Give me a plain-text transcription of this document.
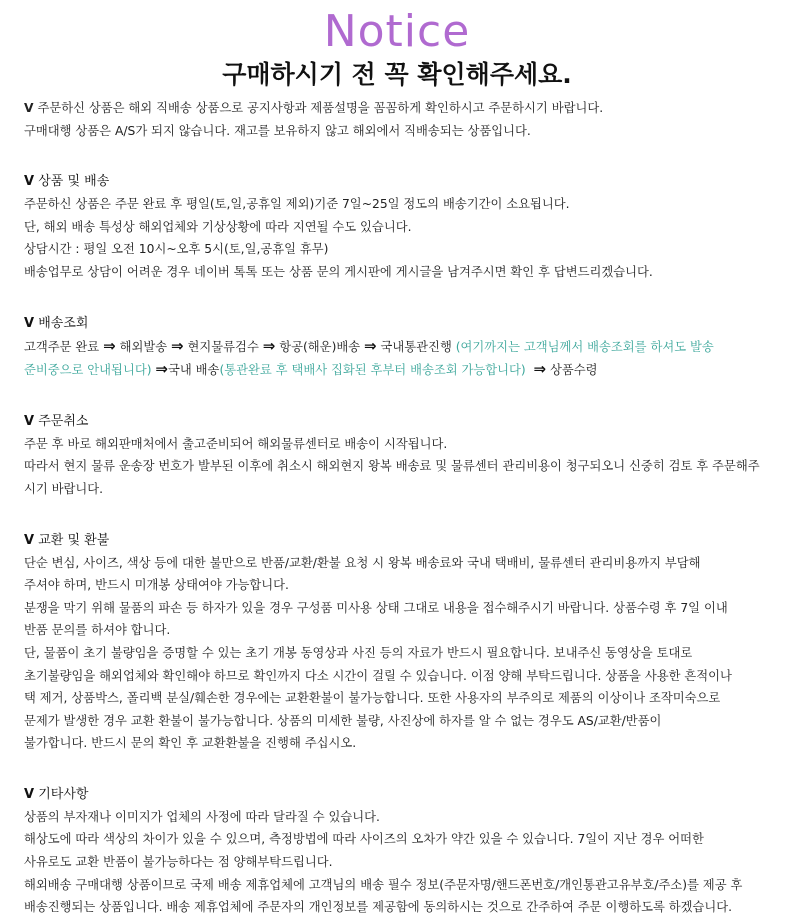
Notice
구매하시기 전 꼭 확인해주세요.
V 주문하신 상품은 해외 직배송 상품으로 공지사항과 제품설명을 꼼꼼하게 확인하시고 주문하시기 바랍니다.
구매대행 상품은 A/S가 되지 않습니다. 재고를 보유하지 않고 해외에서 직배송되는 상품입니다.
V 상품 및 배송
주문하신 상품은 주문 완료 후 평일(토,일,공휴일 제외)기준 7일~25일 정도의 배송기간이 소요됩니다.
단, 해외 배송 특성상 해외업체와 기상상황에 따라 지연될 수도 있습니다.
상담시간 : 평일 오전 10시~오후 5시(토,일,공휴일 휴무)
배송업무로 상담이 어려운 경우 네이버 톡톡 또는 상품 문의 게시판에 게시글을 남겨주시면 확인 후 답변드리겠습니다.
V 배송조회
고객주문 완료 ⇒ 해외발송 ⇒ 현지물류검수 ⇒ 항공(해운)배송 ⇒ 국내통관진행 (여기까지는 고객님께서 배송조회를 하셔도 발송
준비중으로 안내됩니다) ⇒국내 배송(통관완료 후 택배사 집화된 후부터 배송조회 가능합니다) ⇒ 상품수령
V 주문취소
주문 후 바로 해외판매처에서 출고준비되어 해외물류센터로 배송이 시작됩니다.
따라서 현지 물류 운송장 번호가 발부된 이후에 취소시 해외현지 왕복 배송료 및 물류센터 관리비용이 청구되오니 신중히 검토 후 주문해주
시기 바랍니다.
V 교환 및 환불
단순 변심, 사이즈, 색상 등에 대한 불만으로 반품/교환/환불 요청 시 왕복 배송료와 국내 택배비, 물류센터 관리비용까지 부담해
주셔야 하며, 반드시 미개봉 상태여야 가능합니다.
분쟁을 막기 위해 물품의 파손 등 하자가 있을 경우 구성품 미사용 상태 그대로 내용을 접수해주시기 바랍니다. 상품수령 후 7일 이내
반품 문의를 하셔야 합니다.
단, 물품이 초기 불량임을 증명할 수 있는 초기 개봉 동영상과 사진 등의 자료가 반드시 필요합니다. 보내주신 동영상을 토대로
초기불량임을 해외업체와 확인해야 하므로 확인까지 다소 시간이 걸릴 수 있습니다. 이점 양해 부탁드립니다. 상품을 사용한 흔적이나
택 제거, 상품박스, 폴리백 분실/훼손한 경우에는 교환환불이 불가능합니다. 또한 사용자의 부주의로 제품의 이상이나 조작미숙으로
문제가 발생한 경우 교환 환불이 불가능합니다. 상품의 미세한 불량, 사진상에 하자를 알 수 없는 경우도 AS/교환/반품이
불가합니다. 반드시 문의 확인 후 교환환불을 진행해 주십시오.
V 기타사항
상품의 부자재나 이미지가 업체의 사정에 따라 달라질 수 있습니다.
해상도에 따라 색상의 차이가 있을 수 있으며, 측정방법에 따라 사이즈의 오차가 약간 있을 수 있습니다. 7일이 지난 경우 어떠한
사유로도 교환 반품이 불가능하다는 점 양해부탁드립니다.
해외배송 구매대행 상품이므로 국제 배송 제휴업체에 고객님의 배송 필수 정보(주문자명/핸드폰번호/개인통관고유부호/주소)를 제공 후
배송진행되는 상품입니다. 배송 제휴업체에 주문자의 개인정보를 제공함에 동의하시는 것으로 간주하여 주문 이행하도록 하겠습니다.
